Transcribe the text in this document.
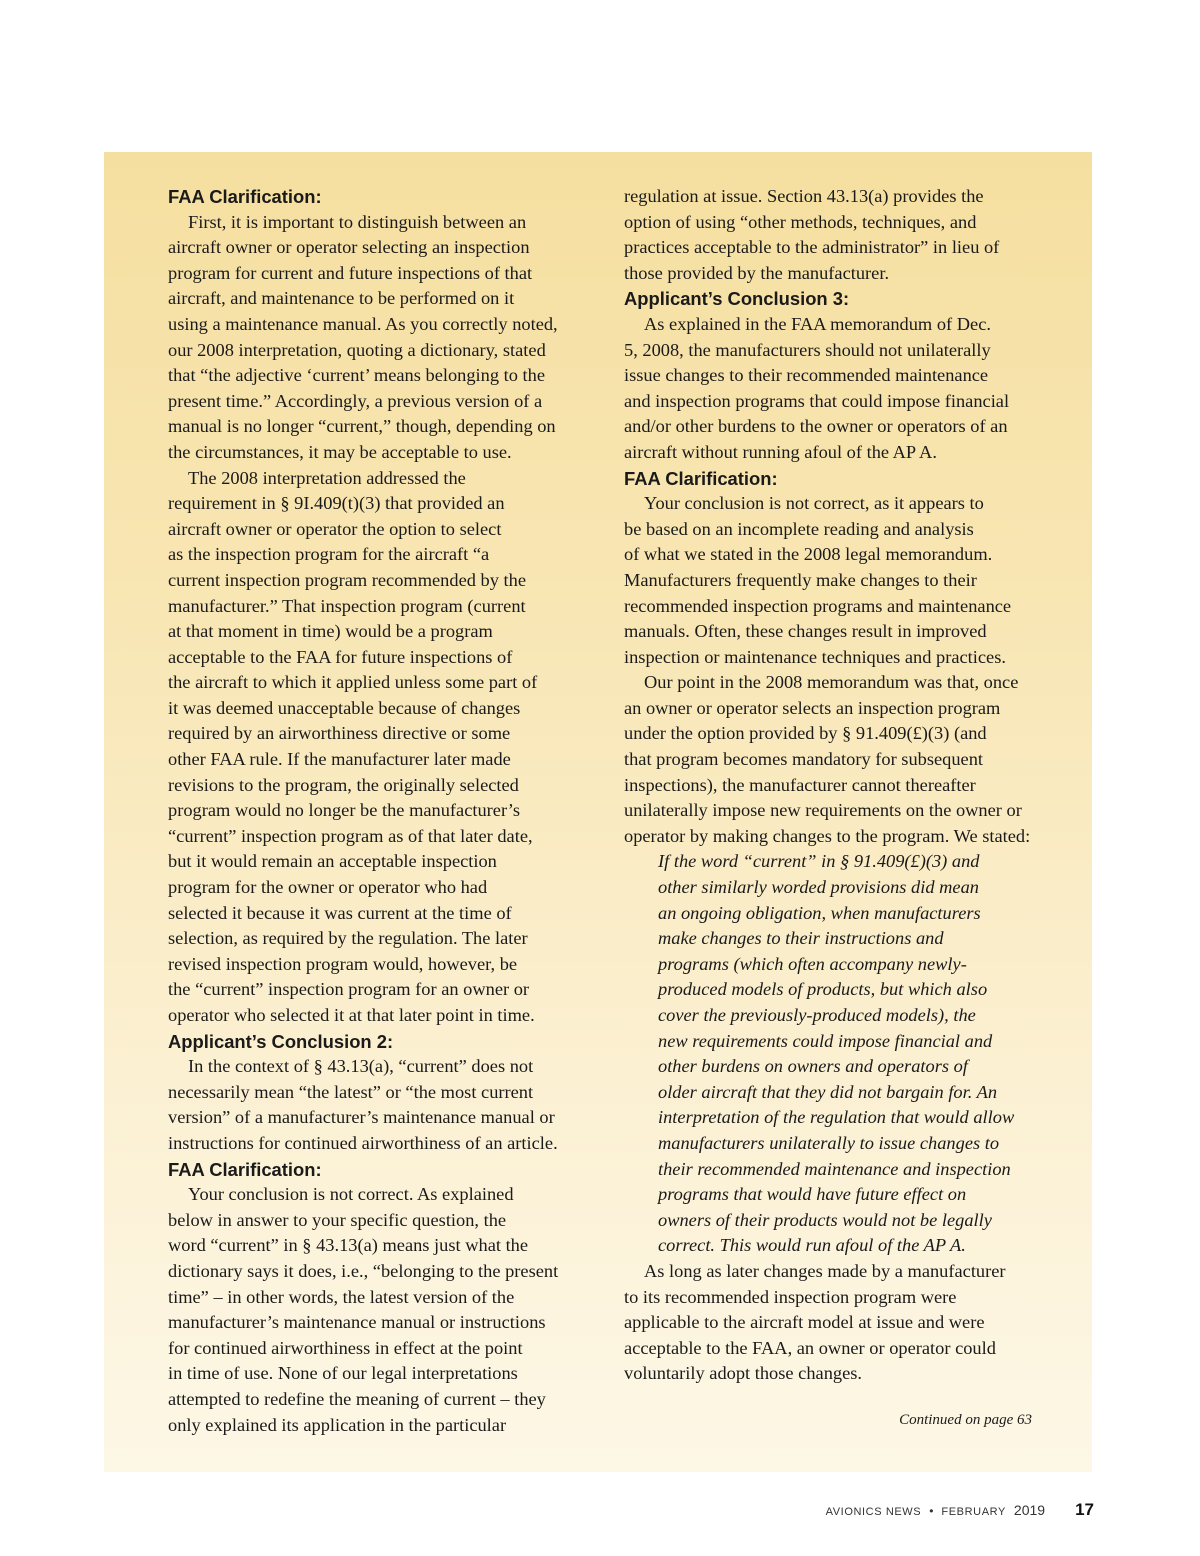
FAA Clarification:

First, it is important to distinguish between an
aircraft owner or operator selecting an inspection
program for current and future inspections of that
aircraft, and maintenance to be performed on it
using a maintenance manual. As you correctly noted,
our 2008 interpretation, quoting a dictionary, stated
that “the adjective ‘current’ means belonging to the
present time.” Accordingly, a previous version of a
manual is no longer “current,” though, depending on
the circumstances, it may be acceptable to use.

The 2008 interpretation addressed the
requirement in § 9I.409(t)(3) that provided an
aircraft owner or operator the option to select
as the inspection program for the aircraft “a
current inspection program recommended by the
manufacturer.” That inspection program (current
at that moment in time) would be a program
acceptable to the FAA for future inspections of
the aircraft to which it applied unless some part of
it was deemed unacceptable because of changes
required by an airworthiness directive or some
other FAA rule. If the manufacturer later made
revisions to the program, the originally selected
program would no longer be the manufacturer’s
“current” inspection program as of that later date,
but it would remain an acceptable inspection
program for the owner or operator who had
selected it because it was current at the time of
selection, as required by the regulation. The later
revised inspection program would, however, be
the “current” inspection program for an owner or
operator who selected it at that later point in time.

Applicant’s Conclusion 2:

In the context of § 43.13(a), “current” does not
necessarily mean “the latest” or “the most current
version” of a manufacturer’s maintenance manual or
instructions for continued airworthiness of an article.

FAA Clarification:

Your conclusion is not correct. As explained
below in answer to your specific question, the
word “current” in § 43.13(a) means just what the
dictionary says it does, i.e., “belonging to the present
time” – in other words, the latest version of the
manufacturer’s maintenance manual or instructions
for continued airworthiness in effect at the point
in time of use. None of our legal interpretations
attempted to redefine the meaning of current – they
only explained its application in the particular

regulation at issue. Section 43.13(a) provides the
option of using “other methods, techniques, and
practices acceptable to the administrator” in lieu of
those provided by the manufacturer.

Applicant’s Conclusion 3:

As explained in the FAA memorandum of Dec.
5, 2008, the manufacturers should not unilaterally
issue changes to their recommended maintenance
and inspection programs that could impose financial
and/or other burdens to the owner or operators of an
aircraft without running afoul of the AP A.

FAA Clarification:

Your conclusion is not correct, as it appears to
be based on an incomplete reading and analysis
of what we stated in the 2008 legal memorandum.
Manufacturers frequently make changes to their
recommended inspection programs and maintenance
manuals. Often, these changes result in improved
inspection or maintenance techniques and practices.

Our point in the 2008 memorandum was that, once
an owner or operator selects an inspection program
under the option provided by § 91.409(£)(3) (and
that program becomes mandatory for subsequent
inspections), the manufacturer cannot thereafter
unilaterally impose new requirements on the owner or
operator by making changes to the program. We stated:

If the word “current” in § 91.409(£)(3) and
other similarly worded provisions did mean
an ongoing obligation, when manufacturers
make changes to their instructions and
programs (which often accompany newly-
produced models of products, but which also
cover the previously-produced models), the
new requirements could impose financial and
other burdens on owners and operators of
older aircraft that they did not bargain for. An
interpretation of the regulation that would allow
manufacturers unilaterally to issue changes to
their recommended maintenance and inspection
programs that would have future effect on
owners of their products would not be legally
correct. This would run afoul of the AP A.

As long as later changes made by a manufacturer
to its recommended inspection program were
applicable to the aircraft model at issue and were
acceptable to the FAA, an owner or operator could
voluntarily adopt those changes.

Continued on page 63
AVIONICS NEWS • FEBRUARY 2019 17
